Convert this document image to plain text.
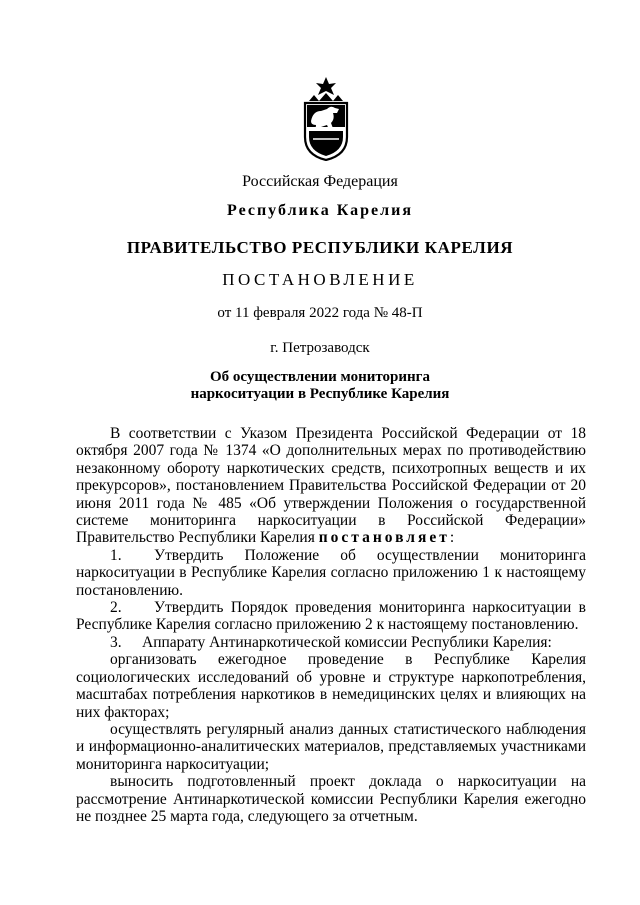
Российская Федерация
Республика Карелия
ПРАВИТЕЛЬСТВО РЕСПУБЛИКИ КАРЕЛИЯ
ПОСТАНОВЛЕНИЕ
от 11 февраля 2022 года № 48-П
г. Петрозаводск
Об осуществлении мониторинга
наркоситуации в Республике Карелия

В соответствии с Указом Президента Российской Федерации от 18 октября 2007 года № 1374 «О дополнительных мерах по противодействию незаконному обороту наркотических средств, психотропных веществ и их прекурсоров», постановлением Правительства Российской Федерации от 20 июня 2011 года № 485 «Об утверждении Положения о государственной системе мониторинга наркоситуации в Российской Федерации» Правительство Республики Карелия постановляет:

1. Утвердить Положение об осуществлении мониторинга наркоситуации в Республике Карелия согласно приложению 1 к настоящему постановлению.

2. Утвердить Порядок проведения мониторинга наркоситуации в Республике Карелия согласно приложению 2 к настоящему постановлению.

3. Аппарату Антинаркотической комиссии Республики Карелия:

организовать ежегодное проведение в Республике Карелия социологических исследований об уровне и структуре наркопотребления, масштабах потребления наркотиков в немедицинских целях и влияющих на них факторах;

осуществлять регулярный анализ данных статистического наблюдения и информационно-аналитических материалов, представляемых участниками мониторинга наркоситуации;

выносить подготовленный проект доклада о наркоситуации на рассмотрение Антинаркотической комиссии Республики Карелия ежегодно не позднее 25 марта года, следующего за отчетным.
